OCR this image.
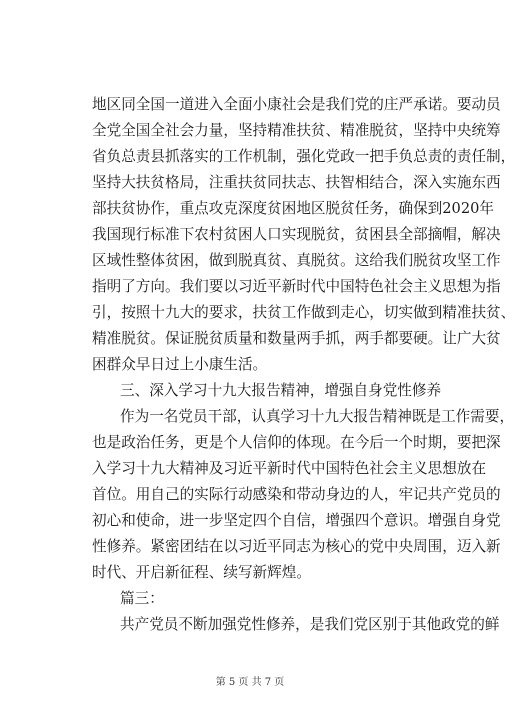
地区同全国一道进入全面小康社会是我们党的庄严承诺。要动员
全党全国全社会力量，坚持精准扶贫、精准脱贫，坚持中央统筹
省负总责县抓落实的工作机制，强化党政一把手负总责的责任制，
坚持大扶贫格局，注重扶贫同扶志、扶智相结合，深入实施东西
部扶贫协作，重点攻克深度贫困地区脱贫任务，确保到2020年
我国现行标准下农村贫困人口实现脱贫，贫困县全部摘帽，解决
区域性整体贫困，做到脱真贫、真脱贫。这给我们脱贫攻坚工作
指明了方向。我们要以习近平新时代中国特色社会主义思想为指
引，按照十九大的要求，扶贫工作做到走心，切实做到精准扶贫、
精准脱贫。保证脱贫质量和数量两手抓，两手都要硬。让广大贫
困群众早日过上小康生活。
三、深入学习十九大报告精神，增强自身党性修养
作为一名党员干部，认真学习十九大报告精神既是工作需要，
也是政治任务，更是个人信仰的体现。在今后一个时期，要把深
入学习十九大精神及习近平新时代中国特色社会主义思想放在
首位。用自己的实际行动感染和带动身边的人，牢记共产党员的
初心和使命，进一步坚定四个自信，增强四个意识。增强自身党
性修养。紧密团结在以习近平同志为核心的党中央周围，迈入新
时代、开启新征程、续写新辉煌。
篇三：
共产党员不断加强党性修养，是我们党区别于其他政党的鲜
第 5 页 共 7 页
